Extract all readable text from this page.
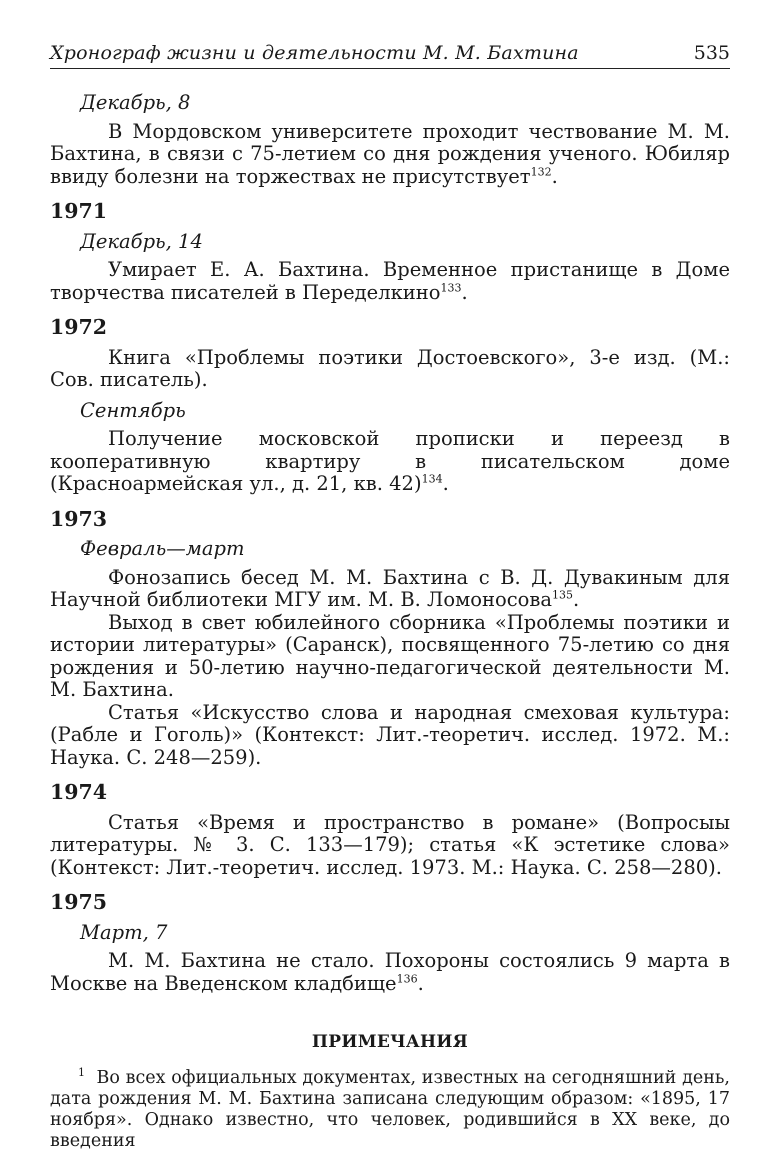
Хронограф жизни и деятельности М. М. Бахтина	535

Декабрь, 8

В Мордовском университете проходит чествование М. М. Бахтина, в связи с 75-летием со дня рождения ученого. Юбиляр ввиду болезни на торжествах не присутствует$^{132}$.

1971

Декабрь, 14

Умирает Е. А. Бахтина. Временное пристанище в Доме творчества писателей в Переделкино$^{133}$.

1972

Книга «Проблемы поэтики Достоевского», 3-е изд. (М.: Сов. писатель).

Сентябрь

Получение московской прописки и переезд в кооперативную квартиру в писательском доме (Красноармейская ул., д. 21, кв. 42)$^{134}$.

1973

Февраль—март

Фонозапись бесед М. М. Бахтина с В. Д. Дувакиным для Научной библиотеки МГУ им. М. В. Ломоносова$^{135}$.

Выход в свет юбилейного сборника «Проблемы поэтики и истории литературы» (Саранск), посвященного 75-летию со дня рождения и 50-летию научно-педагогической деятельности М. М. Бахтина.

Статья «Искусство слова и народная смеховая культура: (Рабле и Гоголь)» (Контекст: Лит.-теоретич. исслед. 1972. М.: Наука. С. 248—259).

1974

Статья «Время и пространство в романе» (Вопросыы литературы. № 3. С. 133—179); статья «К эстетике слова» (Контекст: Лит.-теоретич. исслед. 1973. М.: Наука. С. 258—280).

1975

Март, 7

М. М. Бахтина не стало. Похороны состоялись 9 марта в Москве на Введенском кладбище$^{136}$.

ПРИМЕЧАНИЯ

$^1$ Во всех официальных документах, известных на сегодняшний день, дата рождения М. М. Бахтина записана следующим образом: «1895, 17 ноября». Однако известно, что человек, родившийся в XX веке, до введения
